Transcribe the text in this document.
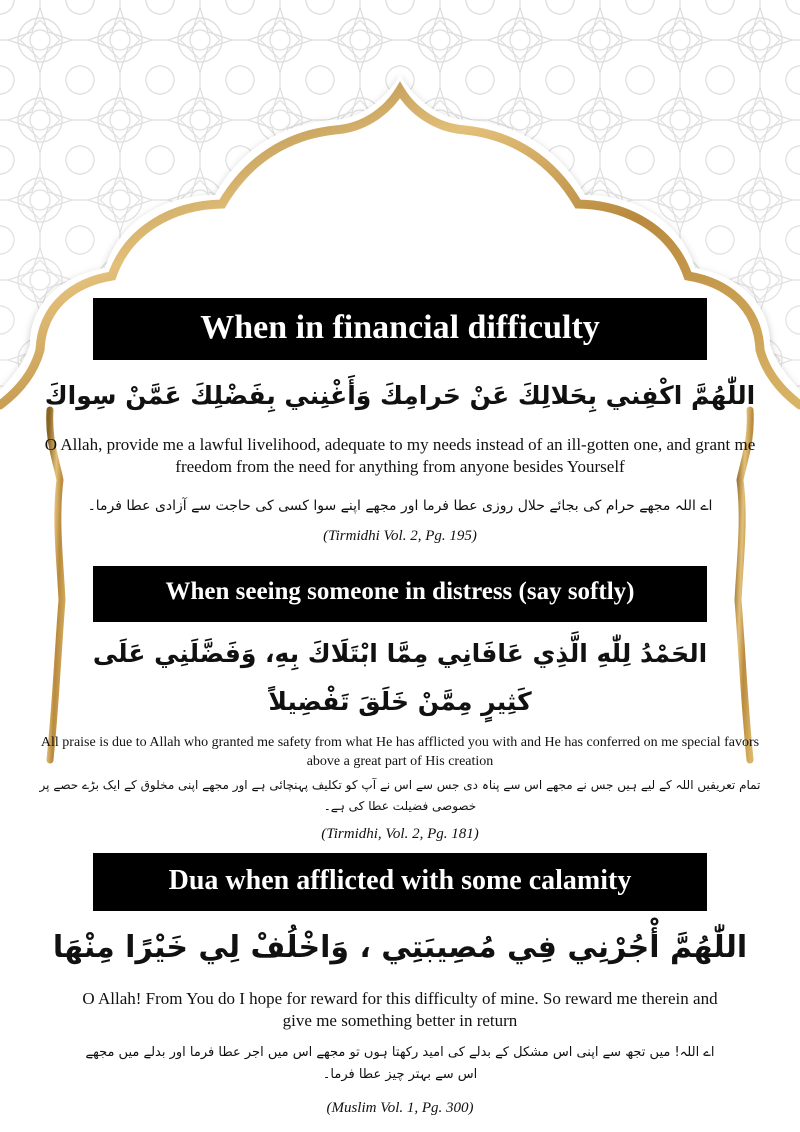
When in financial difficulty
اللّٰهُمَّ اكْفِني بِحَلالِكَ عَنْ حَرامِكَ وَأَغْنِني بِفَضْلِكَ عَمَّنْ سِواكَ
O Allah, provide me a lawful livelihood, adequate to my needs instead of an ill-gotten one, and grant me freedom from the need for anything from anyone besides Yourself
اے اللہ مجھے حرام کی بجائے حلال روزی عطا فرما اور مجھے اپنے سوا کسی کی حاجت سے آزادی عطا فرما۔
(Tirmidhi Vol. 2, Pg. 195)
When seeing someone in distress (say softly)
الحَمْدُ لِلّٰهِ الَّذِي عَافَانِي مِمَّا ابْتَلَاكَ بِهِ، وَفَضَّلَنِي عَلَى كَثِيرٍ مِمَّنْ خَلَقَ تَفْضِيلاً
All praise is due to Allah who granted me safety from what He has afflicted you with and He has conferred on me special favors above a great part of His creation
تمام تعریفیں اللہ کے لیے ہیں جس نے مجھے اس سے پناہ دی جس سے اس نے آپ کو تکلیف پہنچائی ہے اور مجھے اپنی مخلوق کے ایک بڑے حصے پر خصوصی فضیلت عطا کی ہے۔
(Tirmidhi, Vol. 2, Pg. 181)
Dua when afflicted with some calamity
اللّٰهُمَّ أْجُرْنِي فِي مُصِيبَتِي ، وَاخْلُفْ لِي خَيْرًا مِنْهَا
O Allah! From You do I hope for reward for this difficulty of mine. So reward me therein and give me something better in return
اے اللہ! میں تجھ سے اپنی اس مشکل کے بدلے کی امید رکھتا ہوں تو مجھے اس میں اجر عطا فرما اور بدلے میں مجھے اس سے بہتر چیز عطا فرما۔
(Muslim Vol. 1, Pg. 300)
